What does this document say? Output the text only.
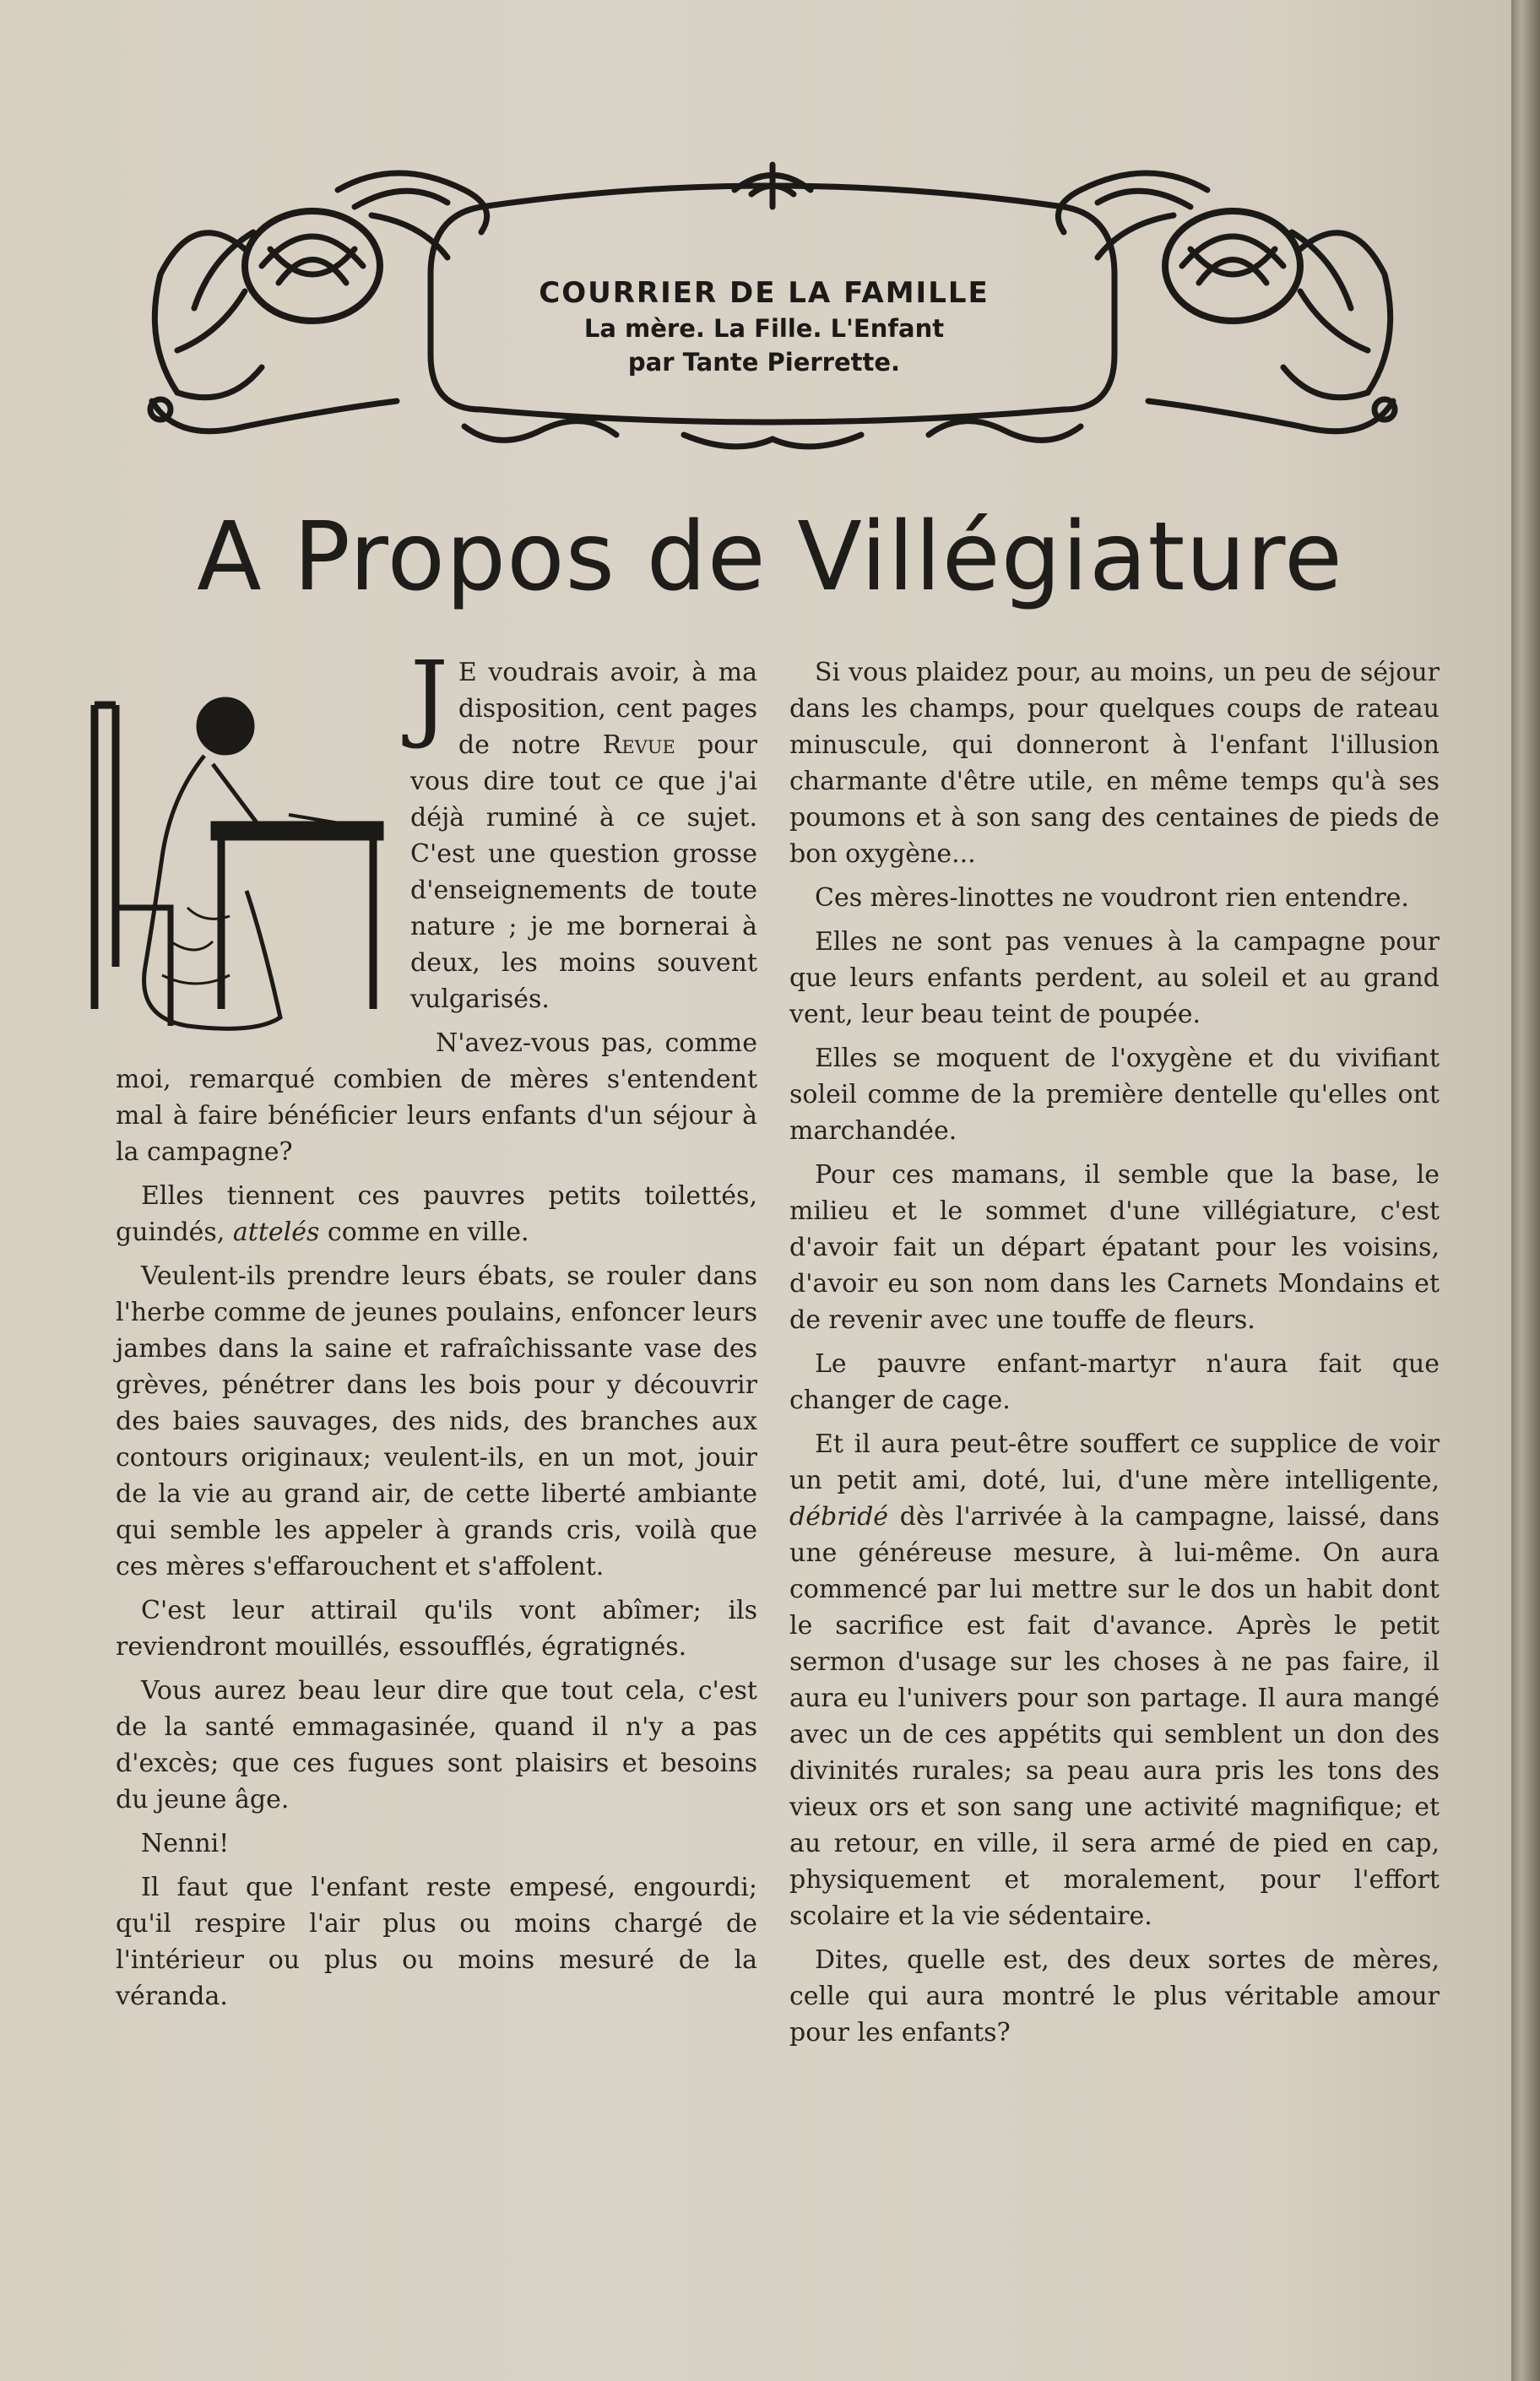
COURRIER DE LA FAMILLE
La mère. La Fille. L'Enfant
par Tante Pierrette.
A Propos de Villégiature

J E voudrais avoir, à ma disposition, cent pages de notre Revue pour vous dire tout ce que j'ai déjà ruminé à ce sujet. C'est une question grosse d'enseignements de toute nature ; je me bornerai à deux, les moins souvent vulgarisés.

N'avez-vous pas, comme moi, remarqué combien de mères s'entendent mal à faire bénéficier leurs enfants d'un séjour à la campagne?

Elles tiennent ces pauvres petits toilettés, guindés, attelés comme en ville.

Veulent-ils prendre leurs ébats, se rouler dans l'herbe comme de jeunes poulains, enfoncer leurs jambes dans la saine et rafraîchissante vase des grèves, pénétrer dans les bois pour y découvrir des baies sauvages, des nids, des branches aux contours originaux; veulent-ils, en un mot, jouir de la vie au grand air, de cette liberté ambiante qui semble les appeler à grands cris, voilà que ces mères s'effarouchent et s'affolent.

C'est leur attirail qu'ils vont abîmer; ils reviendront mouillés, essoufflés, égratignés.

Vous aurez beau leur dire que tout cela, c'est de la santé emmagasinée, quand il n'y a pas d'excès; que ces fugues sont plaisirs et besoins du jeune âge.

Nenni!

Il faut que l'enfant reste empesé, engourdi; qu'il respire l'air plus ou moins chargé de l'intérieur ou plus ou moins mesuré de la véranda.

Si vous plaidez pour, au moins, un peu de séjour dans les champs, pour quelques coups de rateau minuscule, qui donneront à l'enfant l'illusion charmante d'être utile, en même temps qu'à ses poumons et à son sang des centaines de pieds de bon oxygène...

Ces mères-linottes ne voudront rien entendre.

Elles ne sont pas venues à la campagne pour que leurs enfants perdent, au soleil et au grand vent, leur beau teint de poupée.

Elles se moquent de l'oxygène et du vivifiant soleil comme de la première dentelle qu'elles ont marchandée.

Pour ces mamans, il semble que la base, le milieu et le sommet d'une villégiature, c'est d'avoir fait un départ épatant pour les voisins, d'avoir eu son nom dans les Carnets Mondains et de revenir avec une touffe de fleurs.

Le pauvre enfant-martyr n'aura fait que changer de cage.

Et il aura peut-être souffert ce supplice de voir un petit ami, doté, lui, d'une mère intelligente, débridé dès l'arrivée à la campagne, laissé, dans une généreuse mesure, à lui-même. On aura commencé par lui mettre sur le dos un habit dont le sacrifice est fait d'avance. Après le petit sermon d'usage sur les choses à ne pas faire, il aura eu l'univers pour son partage. Il aura mangé avec un de ces appétits qui semblent un don des divinités rurales; sa peau aura pris les tons des vieux ors et son sang une activité magnifique; et au retour, en ville, il sera armé de pied en cap, physiquement et moralement, pour l'effort scolaire et la vie sédentaire.

Dites, quelle est, des deux sortes de mères, celle qui aura montré le plus véritable amour pour les enfants?
